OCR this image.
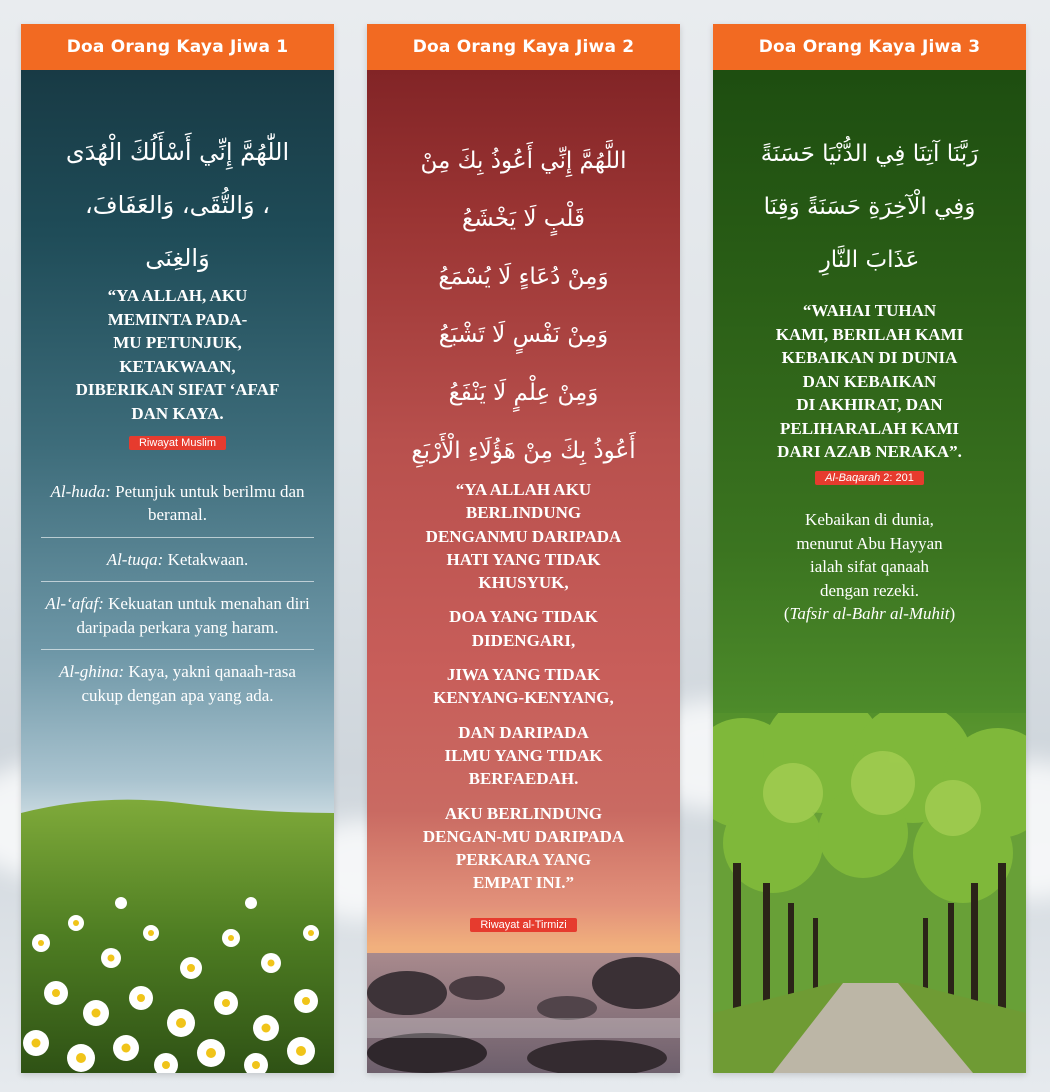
Doa Orang Kaya Jiwa 1
اللّٰهُمَّ إِنِّي أَسْأَلُكَ الْهُدَى
، وَالتُّقَى، وَالعَفَافَ،
وَالغِنَى
“YA ALLAH, AKU
MEMINTA PADA-
MU PETUNJUK,
KETAKWAAN,
DIBERIKAN SIFAT ‘AFAF
DAN KAYA.
Riwayat Muslim
Al-huda: Petunjuk untuk berilmu dan beramal.
Al-tuqa: Ketakwaan.
Al-‘afaf: Kekuatan untuk menahan diri daripada perkara yang haram.
Al-ghina: Kaya, yakni qanaah-rasa cukup dengan apa yang ada.
Doa Orang Kaya Jiwa 2
اللَّهُمَّ إِنِّي أَعُوذُ بِكَ مِنْ
قَلْبٍ لَا يَخْشَعُ
وَمِنْ دُعَاءٍ لَا يُسْمَعُ
وَمِنْ نَفْسٍ لَا تَشْبَعُ
وَمِنْ عِلْمٍ لَا يَنْفَعُ
أَعُوذُ بِكَ مِنْ هَؤُلَاءِ الْأَرْبَعِ
“YA ALLAH AKU
BERLINDUNG
DENGANMU DARIPADA
HATI YANG TIDAK
KHUSYUK,
DOA YANG TIDAK
DIDENGARI,
JIWA YANG TIDAK
KENYANG-KENYANG,
DAN DARIPADA
ILMU YANG TIDAK
BERFAEDAH.
AKU BERLINDUNG
DENGAN-MU DARIPADA
PERKARA YANG
EMPAT INI.”
Riwayat al-Tirmizi
Doa Orang Kaya Jiwa 3
رَبَّنَا آتِنَا فِي الدُّنْيَا حَسَنَةً
وَفِي الْآخِرَةِ حَسَنَةً وَقِنَا
عَذَابَ النَّارِ
“WAHAI TUHAN
KAMI, BERILAH KAMI
KEBAIKAN DI DUNIA
DAN KEBAIKAN
DI AKHIRAT, DAN
PELIHARALAH KAMI
DARI AZAB NERAKA”.
Al-Baqarah 2: 201
Kebaikan di dunia,
menurut Abu Hayyan
ialah sifat qanaah
dengan rezeki.
(Tafsir al-Bahr al-Muhit)
